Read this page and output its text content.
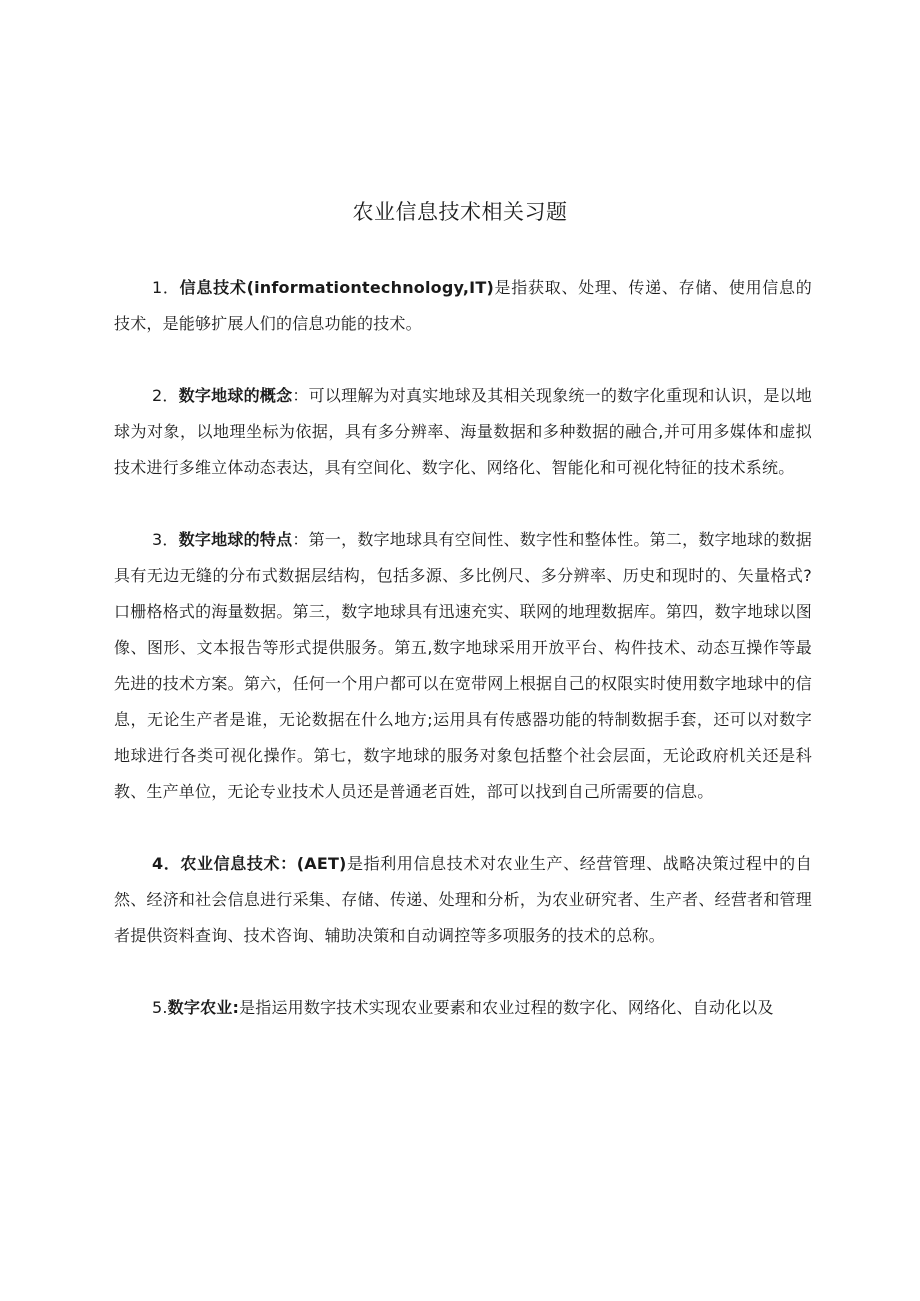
农业信息技术相关习题

1．信息技术(informationtechnology,IT)是指获取、处理、传递、存储、使用信息的技术，是能够扩展人们的信息功能的技术。

2．数字地球的概念：可以理解为对真实地球及其相关现象统一的数字化重现和认识，是以地球为对象，以地理坐标为依据，具有多分辨率、海量数据和多种数据的融合,并可用多媒体和虚拟技术进行多维立体动态表达，具有空间化、数字化、网络化、智能化和可视化特征的技术系统。

3．数字地球的特点：第一，数字地球具有空间性、数字性和整体性。第二，数字地球的数据具有无边无缝的分布式数据层结构，包括多源、多比例尺、多分辨率、历史和现时的、矢量格式?口栅格格式的海量数据。第三，数字地球具有迅速充实、联网的地理数据库。第四，数字地球以图像、图形、文本报告等形式提供服务。第五,数字地球采用开放平台、构件技术、动态互操作等最先进的技术方案。第六，任何一个用户都可以在宽带网上根据自己的权限实时使用数字地球中的信息，无论生产者是谁，无论数据在什么地方;运用具有传感器功能的特制数据手套，还可以对数字地球进行各类可视化操作。第七，数字地球的服务对象包括整个社会层面，无论政府机关还是科教、生产单位，无论专业技术人员还是普通老百姓，部可以找到自己所需要的信息。

4．农业信息技术：(AET)是指利用信息技术对农业生产、经营管理、战略决策过程中的自然、经济和社会信息进行采集、存储、传递、处理和分析，为农业研究者、生产者、经营者和管理者提供资料查询、技术咨询、辅助决策和自动调控等多项服务的技术的总称。

5.数字农业:是指运用数字技术实现农业要素和农业过程的数字化、网络化、自动化以及
